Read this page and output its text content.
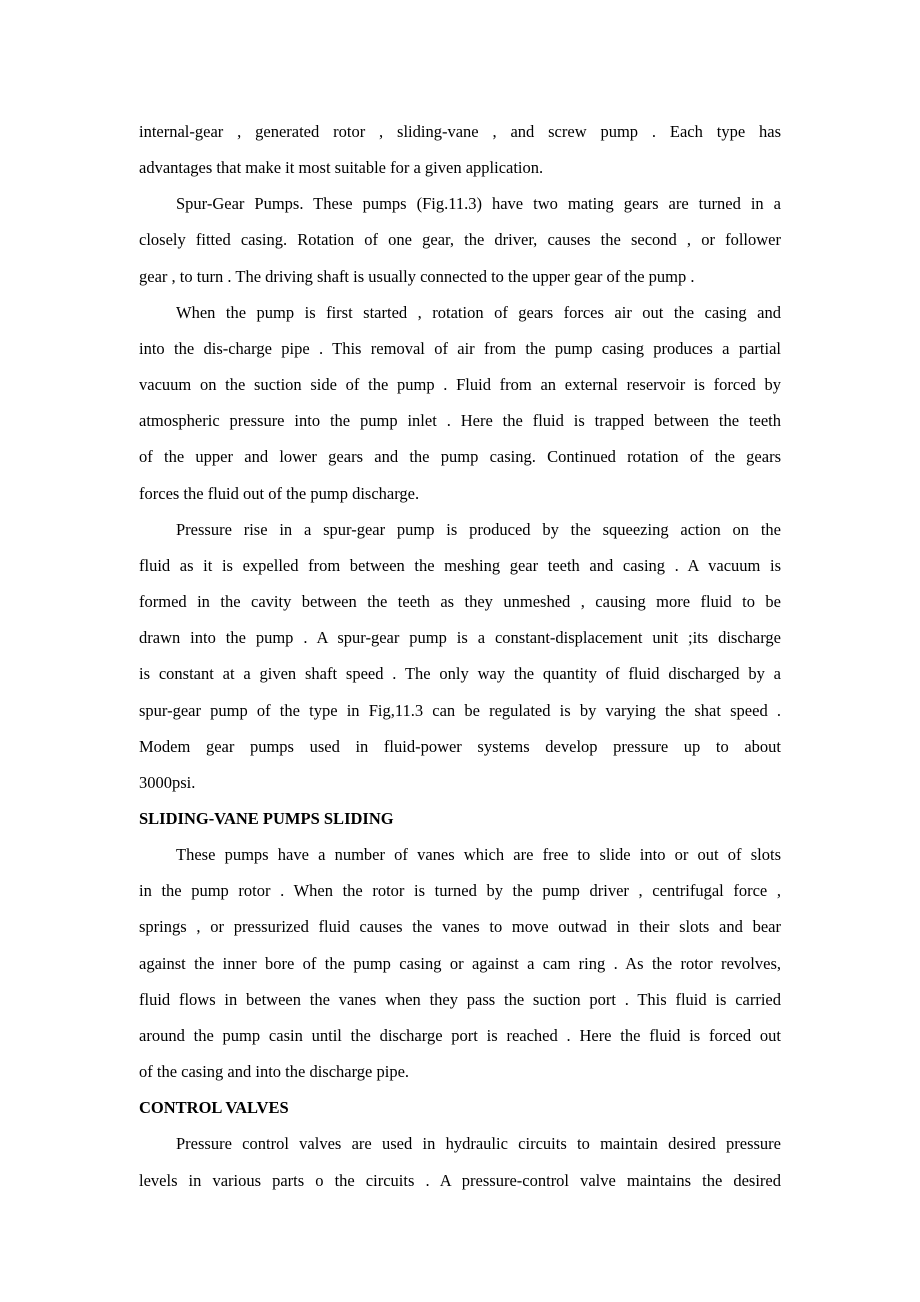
internal-gear , generated rotor , sliding-vane , and screw pump . Each type has
advantages that make it most suitable for a given application.
Spur-Gear Pumps. These pumps (Fig.11.3) have two mating gears are turned in a
closely fitted casing. Rotation of one gear, the driver, causes the second , or follower
gear , to turn . The driving shaft is usually connected to the upper gear of the pump .
When the pump is first started , rotation of gears forces air out the casing and
into the dis-charge pipe . This removal of air from the pump casing produces a partial
vacuum on the suction side of the pump . Fluid from an external reservoir is forced by
atmospheric pressure into the pump inlet . Here the fluid is trapped between the teeth
of the upper and lower gears and the pump casing. Continued rotation of the gears
forces the fluid out of the pump discharge.
Pressure rise in a spur-gear pump is produced by the squeezing action on the
fluid as it is expelled from between the meshing gear teeth and casing . A vacuum is
formed in the cavity between the teeth as they unmeshed , causing more fluid to be
drawn into the pump . A spur-gear pump is a constant-displacement unit ;its discharge
is constant at a given shaft speed . The only way the quantity of fluid discharged by a
spur-gear pump of the type in Fig,11.3 can be regulated is by varying the shat speed .
Modem gear pumps used in fluid-power systems develop pressure up to about
3000psi.
SLIDING-VANE PUMPS SLIDING
These pumps have a number of vanes which are free to slide into or out of slots
in the pump rotor . When the rotor is turned by the pump driver , centrifugal force ,
springs , or pressurized fluid causes the vanes to move outwad in their slots and bear
against the inner bore of the pump casing or against a cam ring . As the rotor revolves,
fluid flows in between the vanes when they pass the suction port . This fluid is carried
around the pump casin until the discharge port is reached . Here the fluid is forced out
of the casing and into the discharge pipe.
CONTROL VALVES
Pressure control valves are used in hydraulic circuits to maintain desired pressure
levels in various parts o the circuits . A pressure-control valve maintains the desired
